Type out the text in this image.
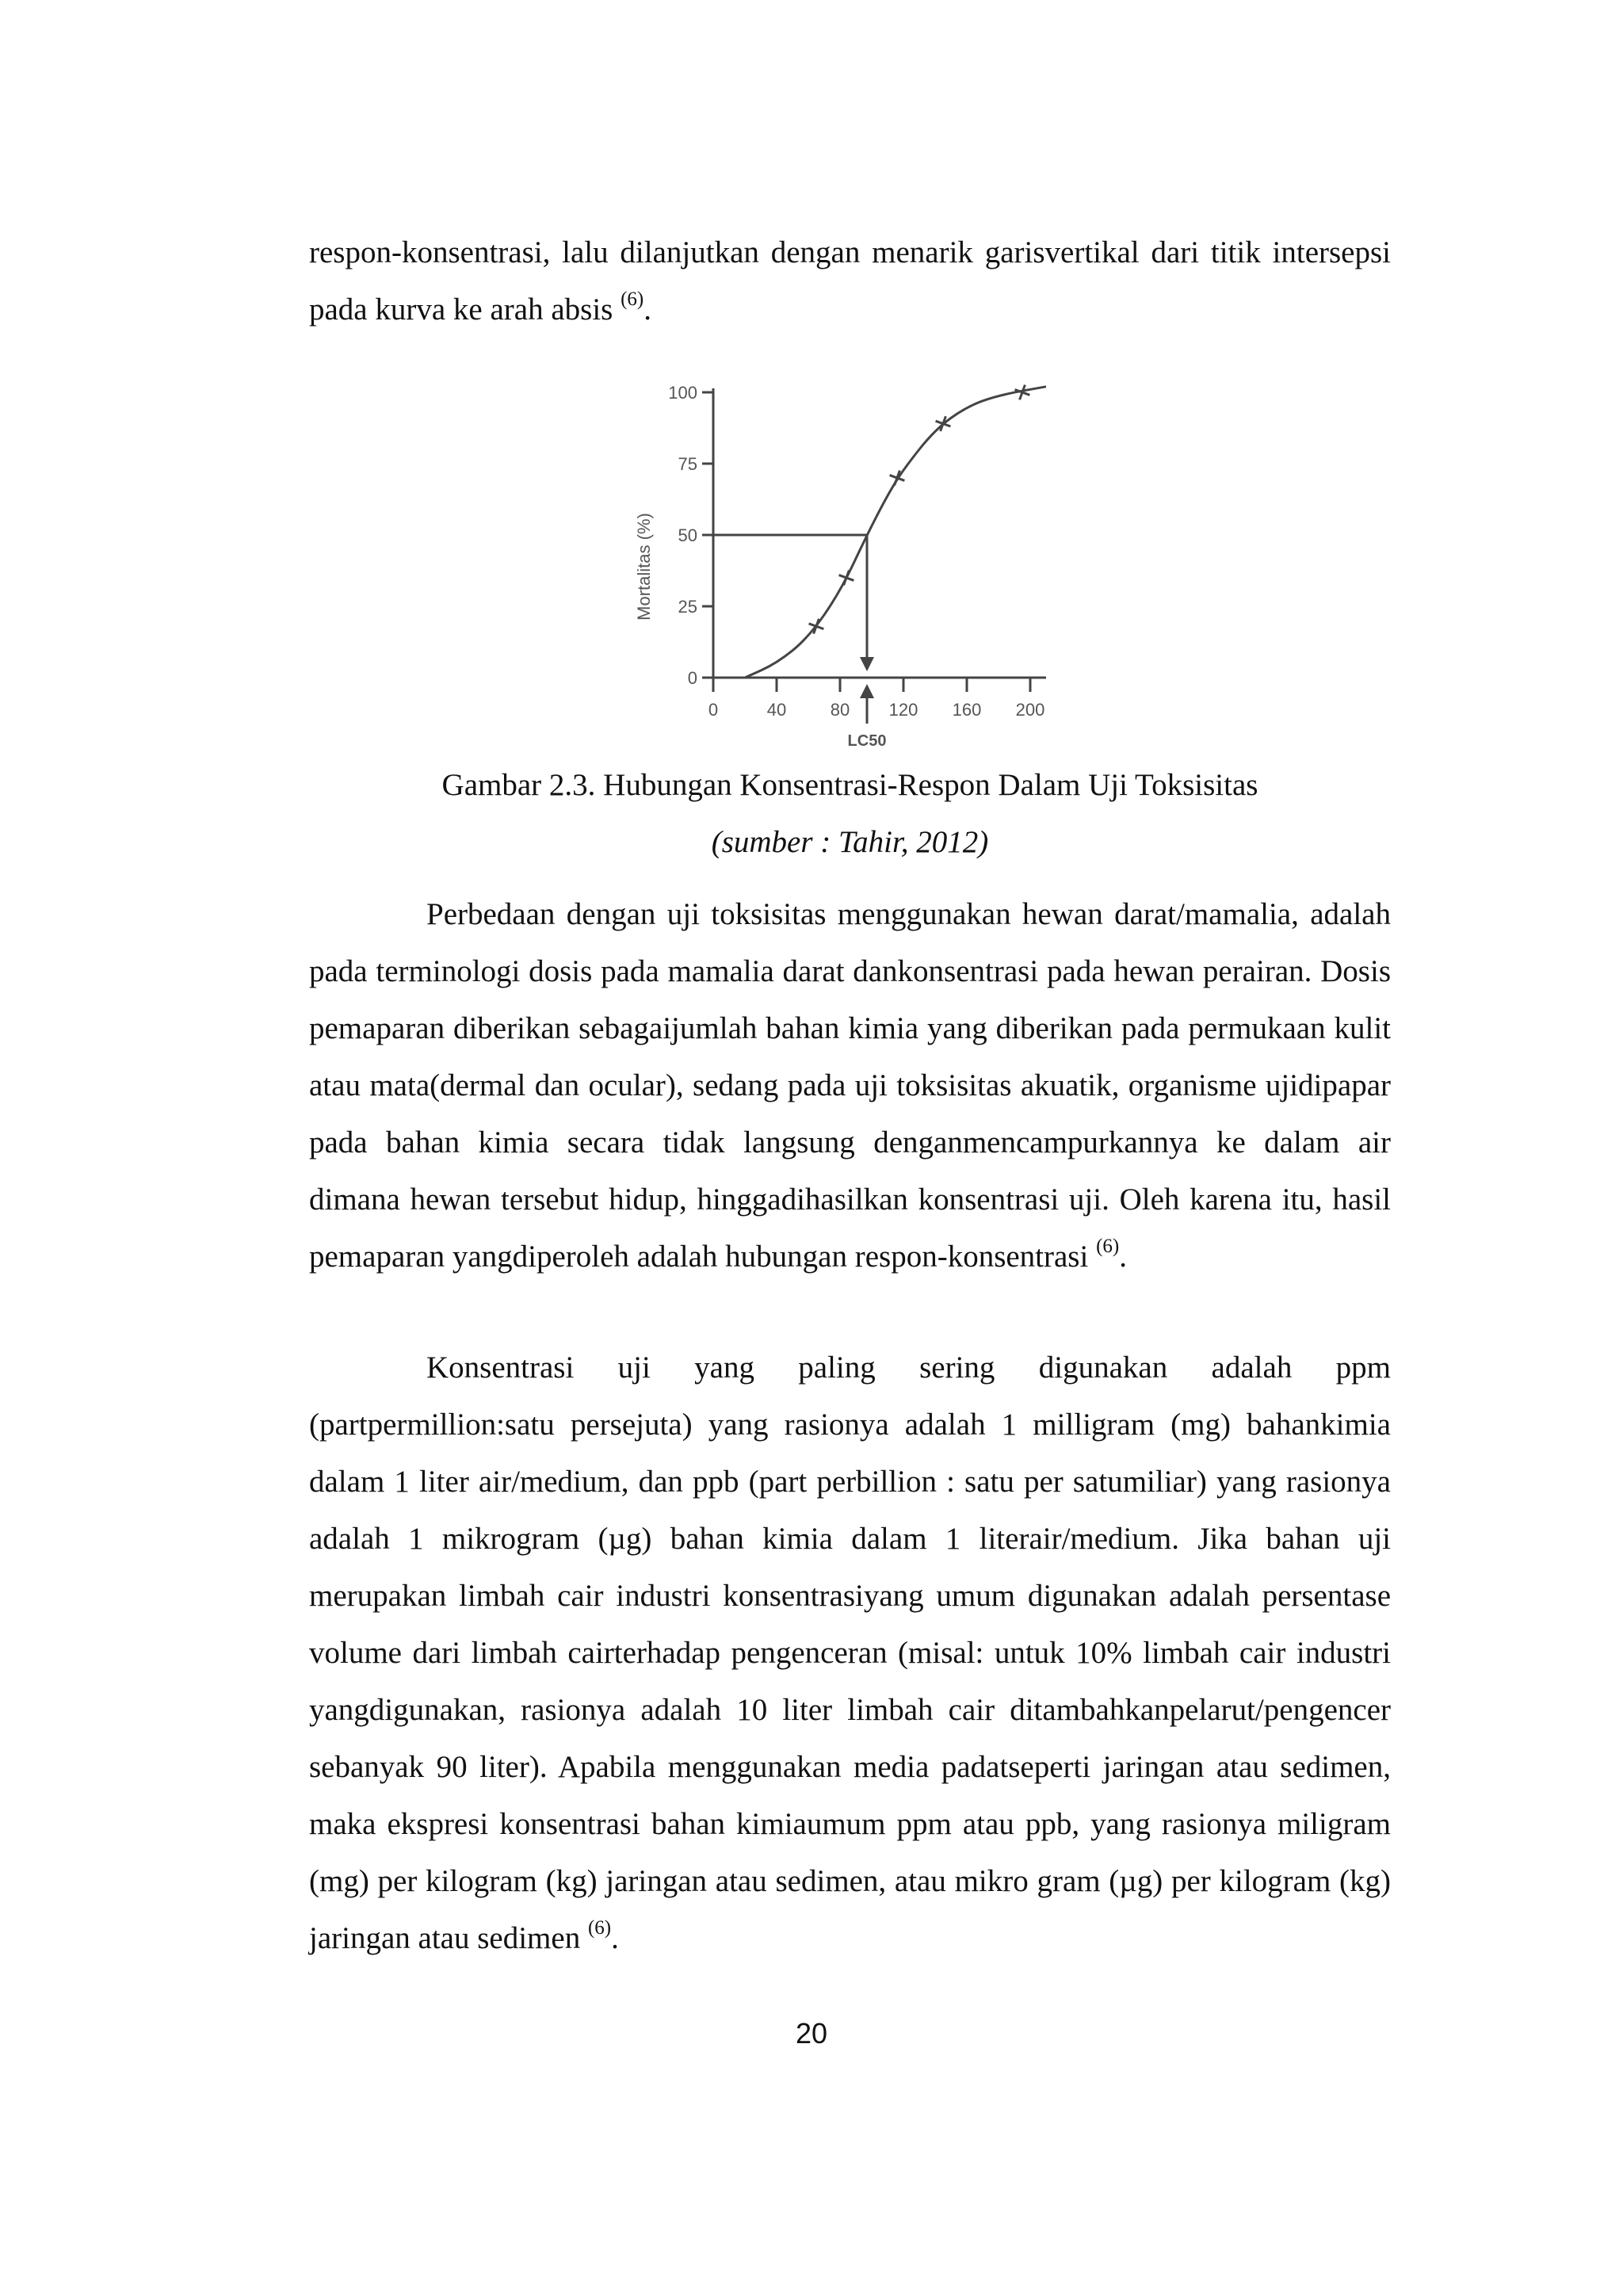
respon-konsentrasi, lalu dilanjutkan dengan menarik garisvertikal dari titik intersepsi pada kurva ke arah absis $^{(6)}$.

0
25
50
75
100
0	40	80 120 160 200
Mortalitas (%)
LC50
Gambar 2.3. Hubungan Konsentrasi-Respon Dalam Uji Toksisitas
(sumber : Tahir, 2012)

Perbedaan dengan uji toksisitas menggunakan hewan darat/mamalia, adalah pada terminologi dosis pada mamalia darat dankonsentrasi pada hewan perairan. Dosis pemaparan diberikan sebagaijumlah bahan kimia yang diberikan pada permukaan kulit atau mata(dermal dan ocular), sedang pada uji toksisitas akuatik, organisme ujidipapar pada bahan kimia secara tidak langsung denganmencampurkannya ke dalam air dimana hewan tersebut hidup, hinggadihasilkan konsentrasi uji. Oleh karena itu, hasil pemaparan yangdiperoleh adalah hubungan respon-konsentrasi $^{(6)}$.

Konsentrasi uji yang paling sering digunakan adalah ppm (partpermillion:satu persejuta) yang rasionya adalah 1 milligram (mg) bahankimia dalam 1 liter air/medium, dan ppb (part perbillion : satu per satumiliar) yang rasionya adalah 1 mikrogram (µg) bahan kimia dalam 1 literair/medium. Jika bahan uji merupakan limbah cair industri konsentrasiyang umum digunakan adalah persentase volume dari limbah cairterhadap pengenceran (misal: untuk 10% limbah cair industri yangdigunakan, rasionya adalah 10 liter limbah cair ditambahkanpelarut/pengencer sebanyak 90 liter). Apabila menggunakan media padatseperti jaringan atau sedimen, maka ekspresi konsentrasi bahan kimiaumum ppm atau ppb, yang rasionya miligram (mg) per kilogram (kg) jaringan atau sedimen, atau mikro gram (µg) per kilogram (kg) jaringan atau sedimen $^{(6)}$.

20
